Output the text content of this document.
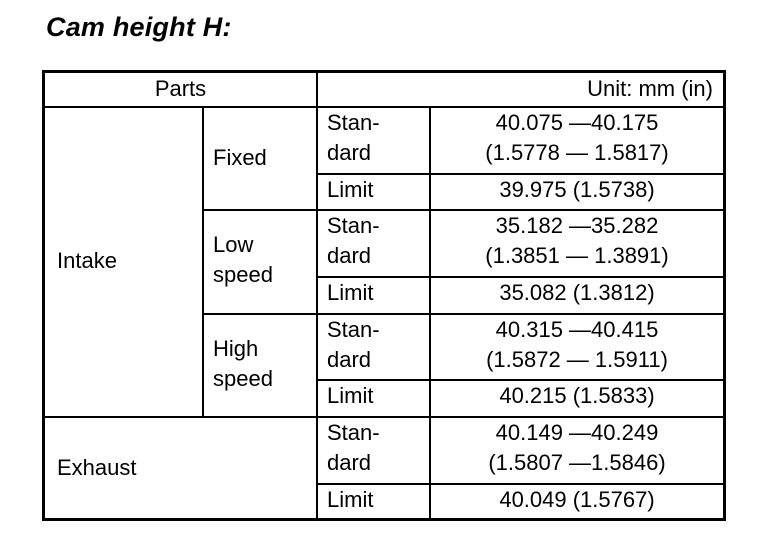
Cam height H:
Parts	Unit: mm (in)
Intake
Exhaust
Fixed
Low
speed
High
speed
Stan-
dard
Limit
Stan-
dard
Limit
Stan-
dard
Limit
Stan-
dard
Limit
40.075 —40.175
(1.5778 — 1.5817)
39.975 (1.5738)
35.182 —35.282
(1.3851 — 1.3891)
35.082 (1.3812)
40.315 —40.415
(1.5872 — 1.5911)
40.215 (1.5833)
40.149 —40.249
(1.5807 —1.5846)
40.049 (1.5767)
